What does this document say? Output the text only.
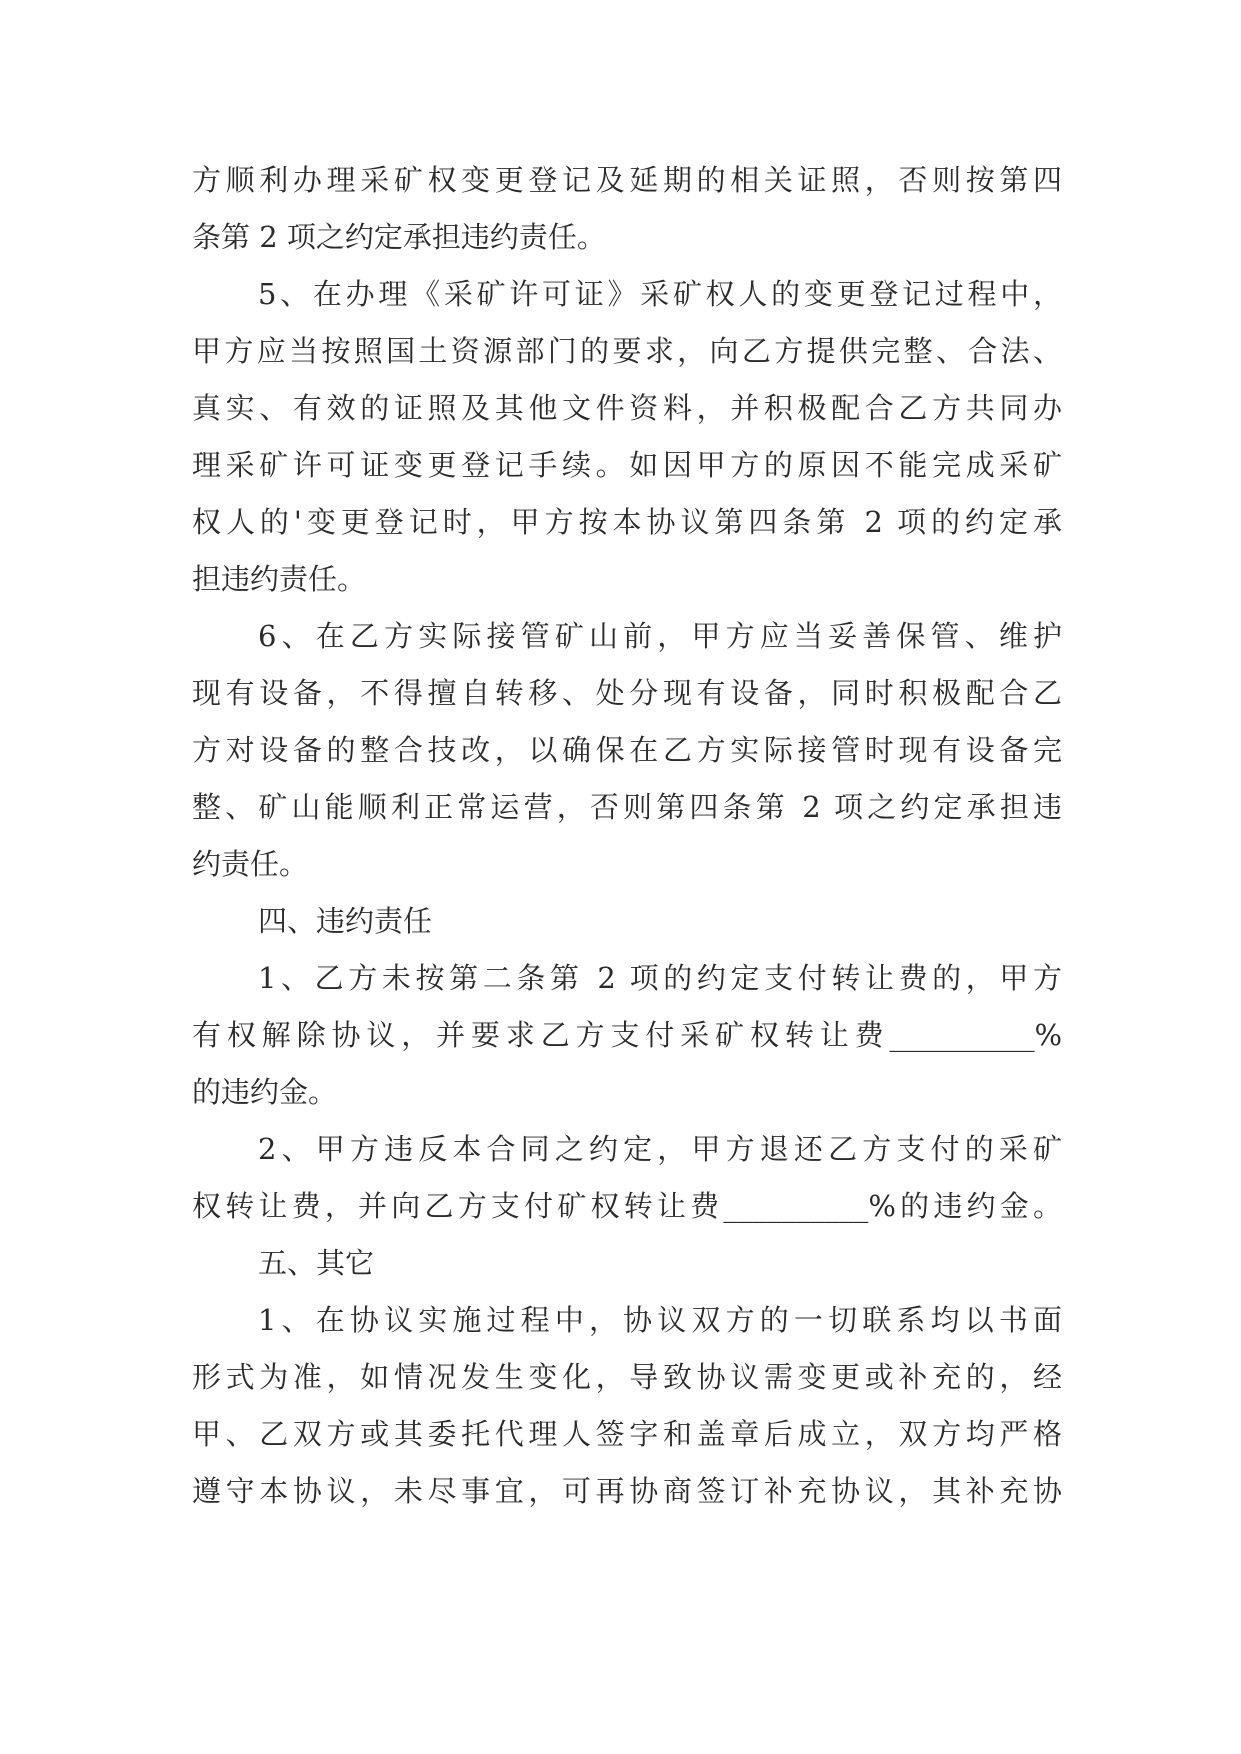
方顺利办理采矿权变更登记及延期的相关证照，否则按第四
条第 2 项之约定承担违约责任。
5、在办理《采矿许可证》采矿权人的变更登记过程中，
甲方应当按照国土资源部门的要求，向乙方提供完整、合法、
真实、有效的证照及其他文件资料，并积极配合乙方共同办
理采矿许可证变更登记手续。如因甲方的原因不能完成采矿
权人的'变更登记时，甲方按本协议第四条第 2 项的约定承
担违约责任。
6、在乙方实际接管矿山前，甲方应当妥善保管、维护
现有设备，不得擅自转移、处分现有设备，同时积极配合乙
方对设备的整合技改，以确保在乙方实际接管时现有设备完
整、矿山能顺利正常运营，否则第四条第 2 项之约定承担违
约责任。
四、违约责任
1、乙方未按第二条第 2 项的约定支付转让费的，甲方
有权解除协议，并要求乙方支付采矿权转让费__________%
的违约金。
2、甲方违反本合同之约定，甲方退还乙方支付的采矿
权转让费，并向乙方支付矿权转让费__________%的违约金。
五、其它
1、在协议实施过程中，协议双方的一切联系均以书面
形式为准，如情况发生变化，导致协议需变更或补充的，经
甲、乙双方或其委托代理人签字和盖章后成立，双方均严格
遵守本协议，未尽事宜，可再协商签订补充协议，其补充协
